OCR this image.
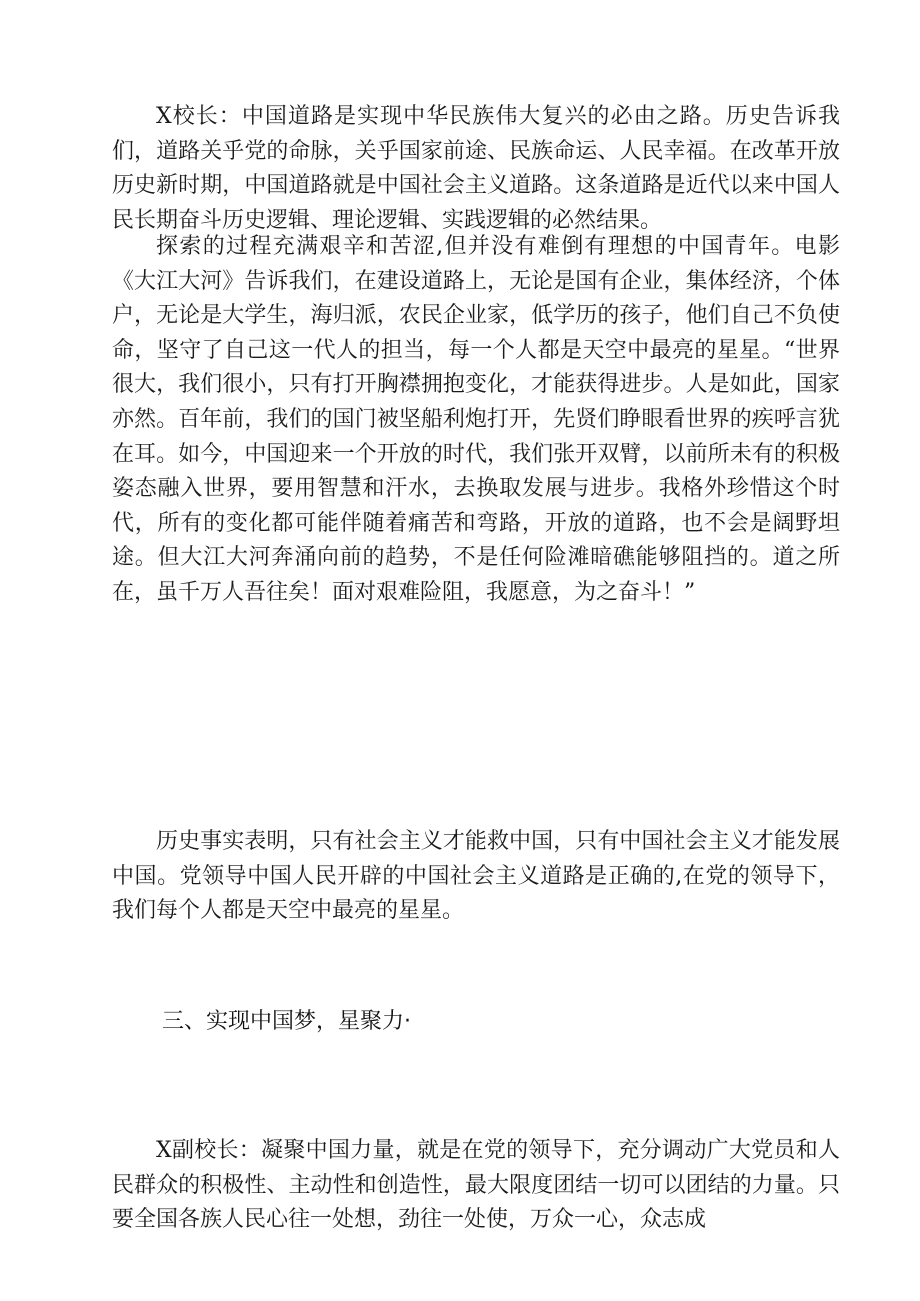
X校长：中国道路是实现中华民族伟大复兴的必由之路。历史告诉我们，道路关乎党的命脉，关乎国家前途、民族命运、人民幸福。在改革开放历史新时期，中国道路就是中国社会主义道路。这条道路是近代以来中国人民长期奋斗历史逻辑、理论逻辑、实践逻辑的必然结果。

探索的过程充满艰辛和苦涩,但并没有难倒有理想的中国青年。电影《大江大河》告诉我们，在建设道路上，无论是国有企业，集体经济，个体户，无论是大学生，海归派，农民企业家，低学历的孩子，他们自己不负使命，坚守了自己这一代人的担当，每一个人都是天空中最亮的星星。“世界很大，我们很小，只有打开胸襟拥抱变化，才能获得进步。人是如此，国家亦然。百年前，我们的国门被坚船利炮打开，先贤们睁眼看世界的疾呼言犹在耳。如今，中国迎来一个开放的时代，我们张开双臂，以前所未有的积极姿态融入世界，要用智慧和汗水，去换取发展与进步。我格外珍惜这个时代，所有的变化都可能伴随着痛苦和弯路，开放的道路，也不会是阔野坦途。但大江大河奔涌向前的趋势，不是任何险滩暗礁能够阻挡的。道之所在，虽千万人吾往矣！面对艰难险阻，我愿意，为之奋斗！”

历史事实表明，只有社会主义才能救中国，只有中国社会主义才能发展中国。党领导中国人民开辟的中国社会主义道路是正确的,在党的领导下，我们每个人都是天空中最亮的星星。

三、实现中国梦，星聚力·

X副校长：凝聚中国力量，就是在党的领导下，充分调动广大党员和人民群众的积极性、主动性和创造性，最大限度团结一切可以团结的力量。只要全国各族人民心往一处想，劲往一处使，万众一心，众志成
